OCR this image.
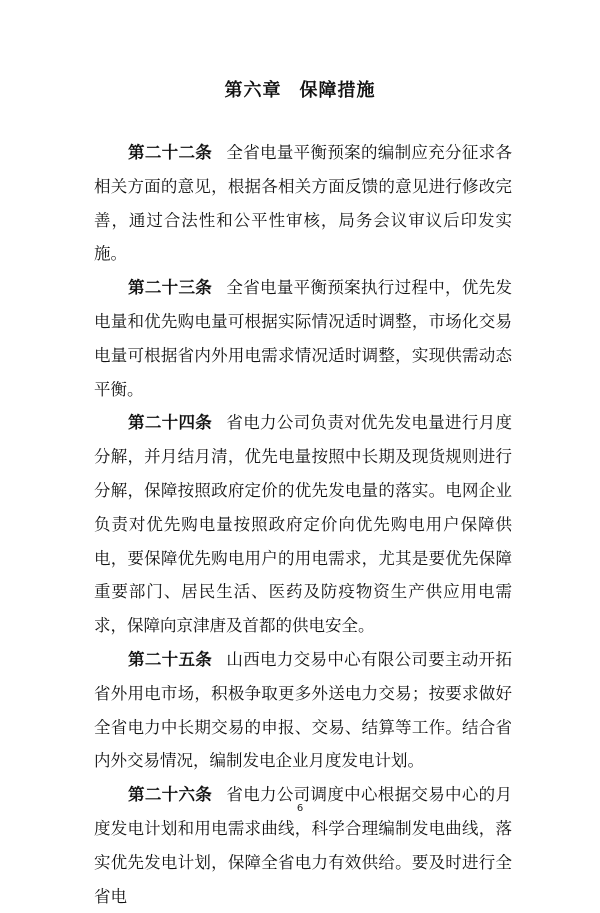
第六章 保障措施

第二十二条 全省电量平衡预案的编制应充分征求各相关方面的意见，根据各相关方面反馈的意见进行修改完善，通过合法性和公平性审核，局务会议审议后印发实施。

第二十三条 全省电量平衡预案执行过程中，优先发电量和优先购电量可根据实际情况适时调整，市场化交易电量可根据省内外用电需求情况适时调整，实现供需动态平衡。

第二十四条 省电力公司负责对优先发电量进行月度分解，并月结月清，优先电量按照中长期及现货规则进行分解，保障按照政府定价的优先发电量的落实。电网企业负责对优先购电量按照政府定价向优先购电用户保障供电，要保障优先购电用户的用电需求，尤其是要优先保障重要部门、居民生活、医药及防疫物资生产供应用电需求，保障向京津唐及首都的供电安全。

第二十五条 山西电力交易中心有限公司要主动开拓省外用电市场，积极争取更多外送电力交易；按要求做好全省电力中长期交易的申报、交易、结算等工作。结合省内外交易情况，编制发电企业月度发电计划。

第二十六条 省电力公司调度中心根据交易中心的月度发电计划和用电需求曲线，科学合理编制发电曲线，落实优先发电计划，保障全省电力有效供给。要及时进行全省电

6
